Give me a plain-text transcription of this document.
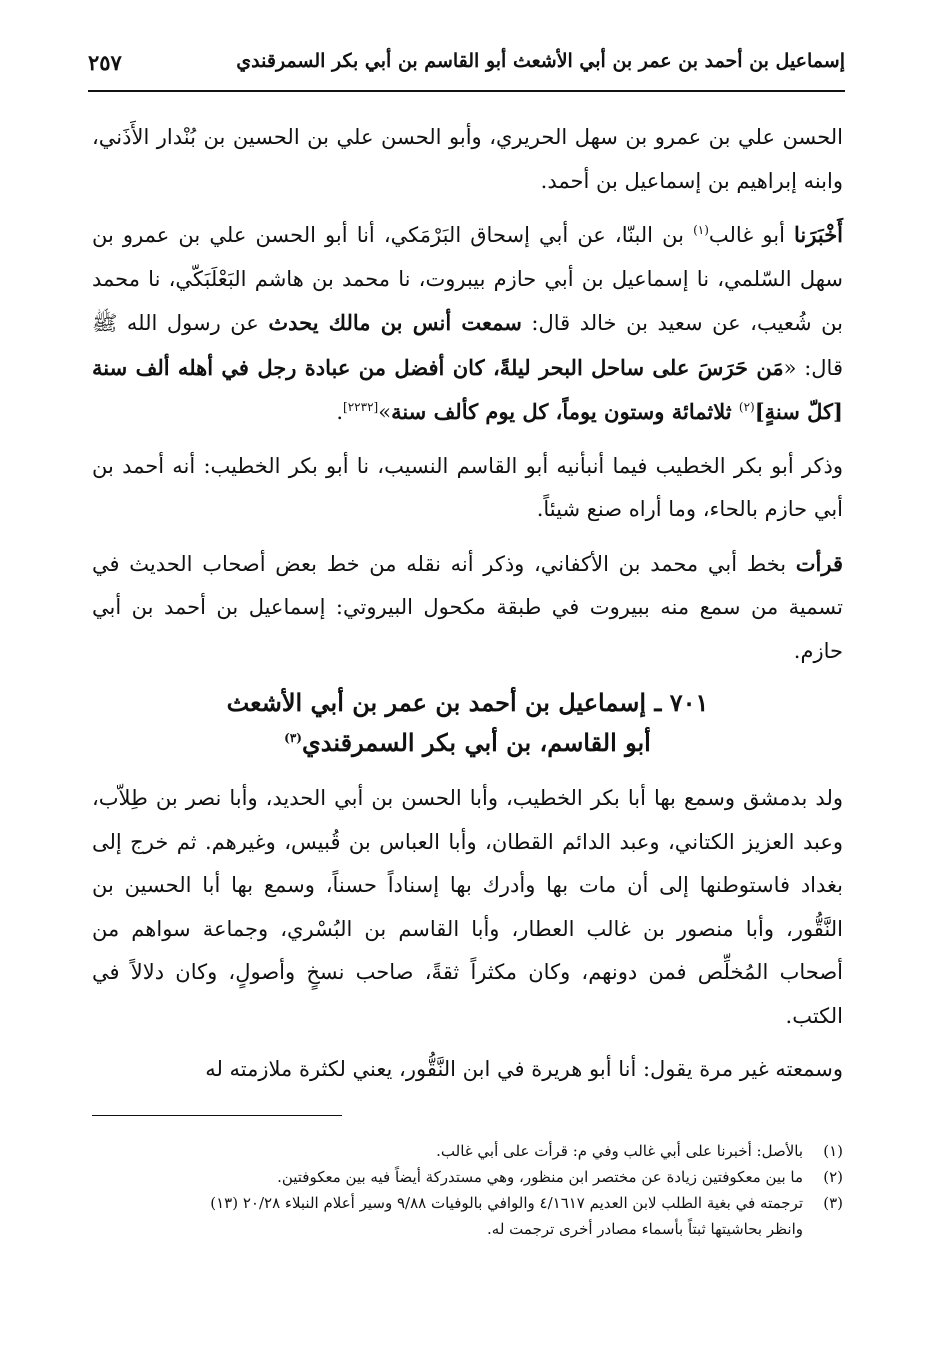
إسماعيل بن أحمد بن عمر بن أبي الأشعث أبو القاسم بن أبي بكر السمرقندي
٢٥٧

الحسن علي بن عمرو بن سهل الحريري، وأبو الحسن علي بن الحسين بن بُنْدار الأَذَني، وابنه إبراهيم بن إسماعيل بن أحمد.

أَخْبَرَنا أبو غالب$^{(١)}$ بن البنّا، عن أبي إسحاق البَرْمَكي، أنا أبو الحسن علي بن عمرو بن سهل السّلمي، نا إسماعيل بن أبي حازم بيبروت، نا محمد بن هاشم البَعْلَبَكّي، نا محمد بن شُعيب، عن سعيد بن خالد قال: سمعت أنس بن مالك يحدث عن رسول الله ﷺ قال: «مَن حَرَسَ على ساحل البحر ليلةً، كان أفضل من عبادة رجل في أهله ألف سنة [كلّ سنةٍ]$^{(٢)}$ ثلاثمائة وستون يوماً، كل يوم كألف سنة»[٢٢٣٢].

وذكر أبو بكر الخطيب فيما أنبأنيه أبو القاسم النسيب، نا أبو بكر الخطيب: أنه أحمد بن أبي حازم بالحاء، وما أراه صنع شيئاً.

قرأت بخط أبي محمد بن الأكفاني، وذكر أنه نقله من خط بعض أصحاب الحديث في تسمية من سمع منه ببيروت في طبقة مكحول البيروتي: إسماعيل بن أحمد بن أبي حازم.

٧٠١ ـ إسماعيل بن أحمد بن عمر بن أبي الأشعث
أبو القاسم، بن أبي بكر السمرقندي$^{(٣)}$

ولد بدمشق وسمع بها أبا بكر الخطيب، وأبا الحسن بن أبي الحديد، وأبا نصر بن طِلاّب، وعبد العزيز الكتاني، وعبد الدائم القطان، وأبا العباس بن قُبيس، وغيرهم. ثم خرج إلى بغداد فاستوطنها إلى أن مات بها وأدرك بها إسناداً حسناً، وسمع بها أبا الحسين بن النَّقُّور، وأبا منصور بن غالب العطار، وأبا القاسم بن البُسْري، وجماعة سواهم من أصحاب المُخلِّص فمن دونهم، وكان مكثراً ثقةً، صاحب نسخٍ وأصولٍ، وكان دلالاً في الكتب.

وسمعته غير مرة يقول: أنا أبو هريرة في ابن النَّقُّور، يعني لكثرة ملازمته له

(١)
بالأصل: أخبرنا على أبي غالب وفي م: قرأت على أبي غالب.
(٢)
ما بين معكوفتين زيادة عن مختصر ابن منظور، وهي مستدركة أيضاً فيه بين معكوفتين.
(٣)
ترجمته في بغية الطلب لابن العديم ٤/١٦١٧ والوافي بالوفيات ٩/٨٨ وسير أعلام النبلاء ٢٠/٢٨ (١٣)
وانظر بحاشيتها ثبتاً بأسماء مصادر أخرى ترجمت له.
